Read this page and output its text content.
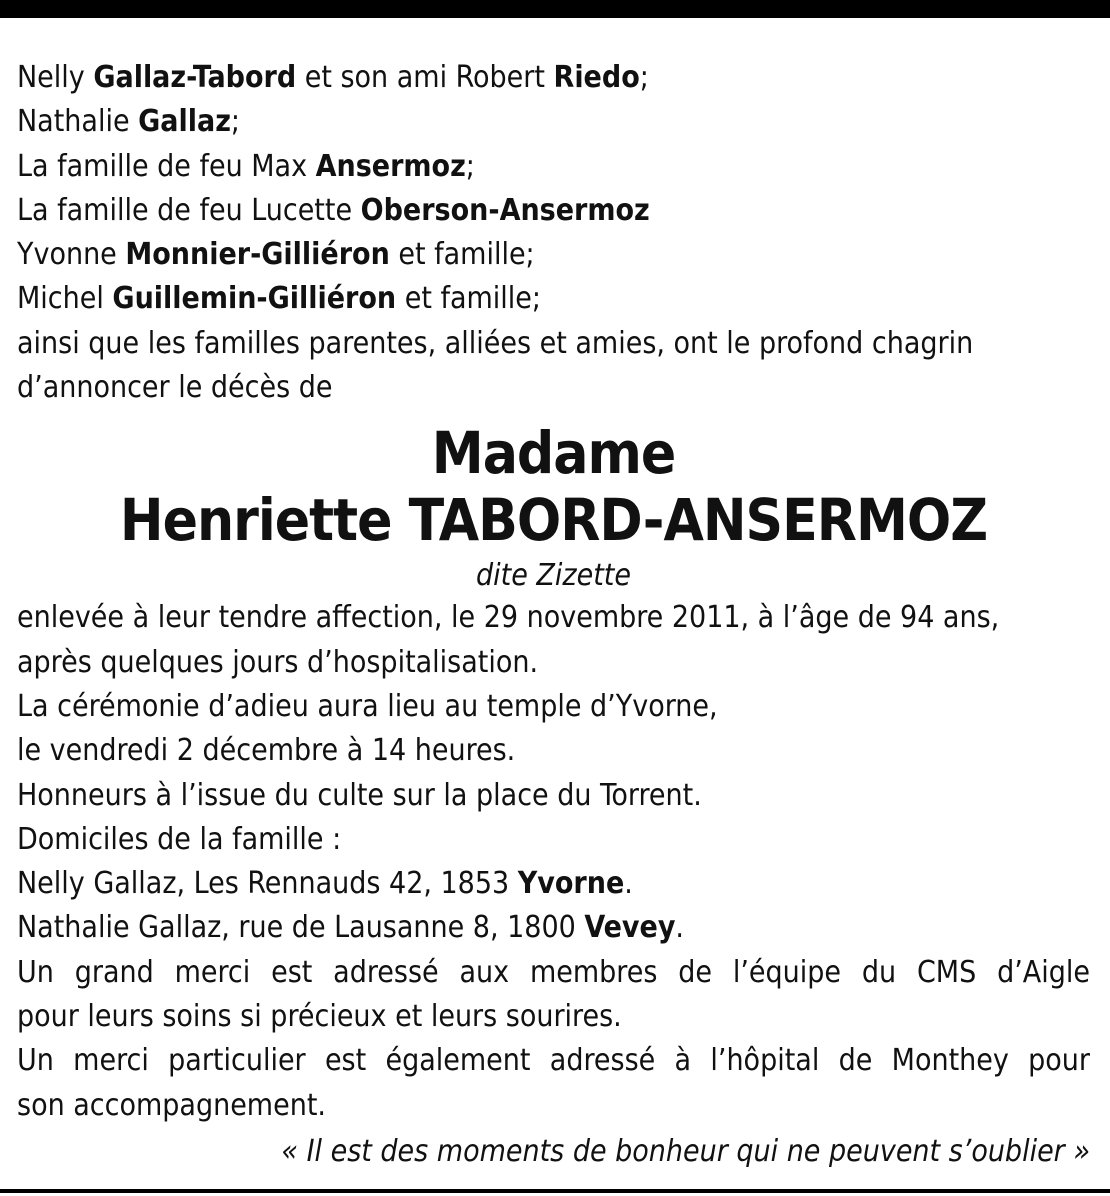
Nelly Gallaz-Tabord et son ami Robert Riedo;
Nathalie Gallaz;
La famille de feu Max Ansermoz;
La famille de feu Lucette Oberson-Ansermoz
Yvonne Monnier-Gilliéron et famille;
Michel Guillemin-Gilliéron et famille;
ainsi que les familles parentes, alliées et amies, ont le profond chagrin
d’annoncer le décès de
Madame
Henriette TABORD-ANSERMOZ
dite Zizette
enlevée à leur tendre affection, le 29 novembre 2011, à l’âge de 94 ans,
après quelques jours d’hospitalisation.
La cérémonie d’adieu aura lieu au temple d’Yvorne,
le vendredi 2 décembre à 14 heures.
Honneurs à l’issue du culte sur la place du Torrent.
Domiciles de la famille :
Nelly Gallaz, Les Rennauds 42, 1853 Yvorne.
Nathalie Gallaz, rue de Lausanne 8, 1800 Vevey.
Un grand merci est adressé aux membres de l’équipe du CMS d’Aigle
pour leurs soins si précieux et leurs sourires.
Un merci particulier est également adressé à l’hôpital de Monthey pour
son accompagnement.
« Il est des moments de bonheur qui ne peuvent s’oublier »
